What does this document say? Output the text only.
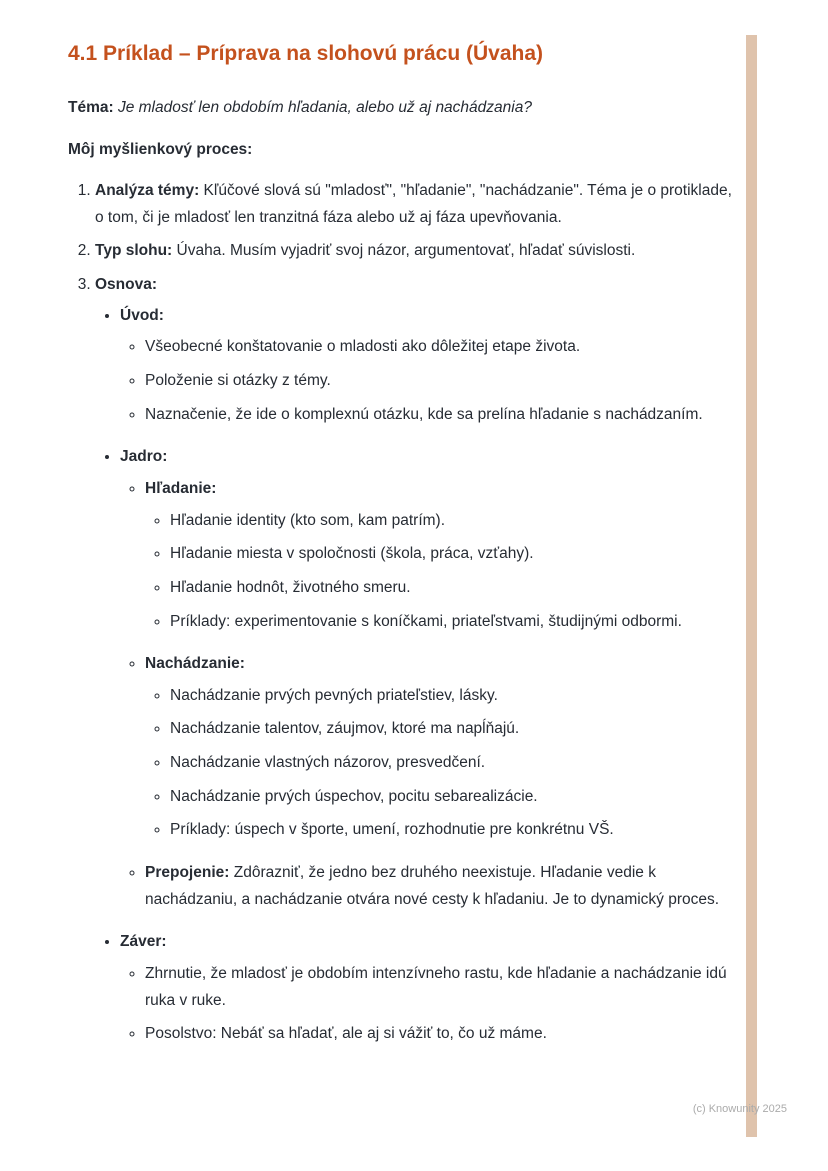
4.1 Príklad – Príprava na slohovú prácu (Úvaha)

Téma: Je mladosť len obdobím hľadania, alebo už aj nachádzania?

Môj myšlienkový proces:

1. Analýza témy: Kľúčové slová sú "mladosť", "hľadanie", "nachádzanie". Téma je o protiklade, o tom, či je mladosť len tranzitná fáza alebo už aj fáza upevňovania.
2. Typ slohu: Úvaha. Musím vyjadriť svoj názor, argumentovať, hľadať súvislosti.
3. Osnova:
• Úvod:
◦ Všeobecné konštatovanie o mladosti ako dôležitej etape života.
◦ Položenie si otázky z témy.
◦ Naznačenie, že ide o komplexnú otázku, kde sa prelína hľadanie s nachádzaním.
• Jadro:
◦ Hľadanie:
◦ Hľadanie identity (kto som, kam patrím).
◦ Hľadanie miesta v spoločnosti (škola, práca, vzťahy).
◦ Hľadanie hodnôt, životného smeru.
◦ Príklady: experimentovanie s koníčkami, priateľstvami, študijnými odbormi.
◦ Nachádzanie:
◦ Nachádzanie prvých pevných priateľstiev, lásky.
◦ Nachádzanie talentov, záujmov, ktoré ma napĺňajú.
◦ Nachádzanie vlastných názorov, presvedčení.
◦ Nachádzanie prvých úspechov, pocitu sebarealizácie.
◦ Príklady: úspech v športe, umení, rozhodnutie pre konkrétnu VŠ.
◦ Prepojenie: Zdôrazniť, že jedno bez druhého neexistuje. Hľadanie vedie k nachádzaniu, a nachádzanie otvára nové cesty k hľadaniu. Je to dynamický proces.
• Záver:
◦ Zhrnutie, že mladosť je obdobím intenzívneho rastu, kde hľadanie a nachádzanie idú ruka v ruke.
◦ Posolstvo: Nebáť sa hľadať, ale aj si vážiť to, čo už máme.
(c) Knowunity 2025
